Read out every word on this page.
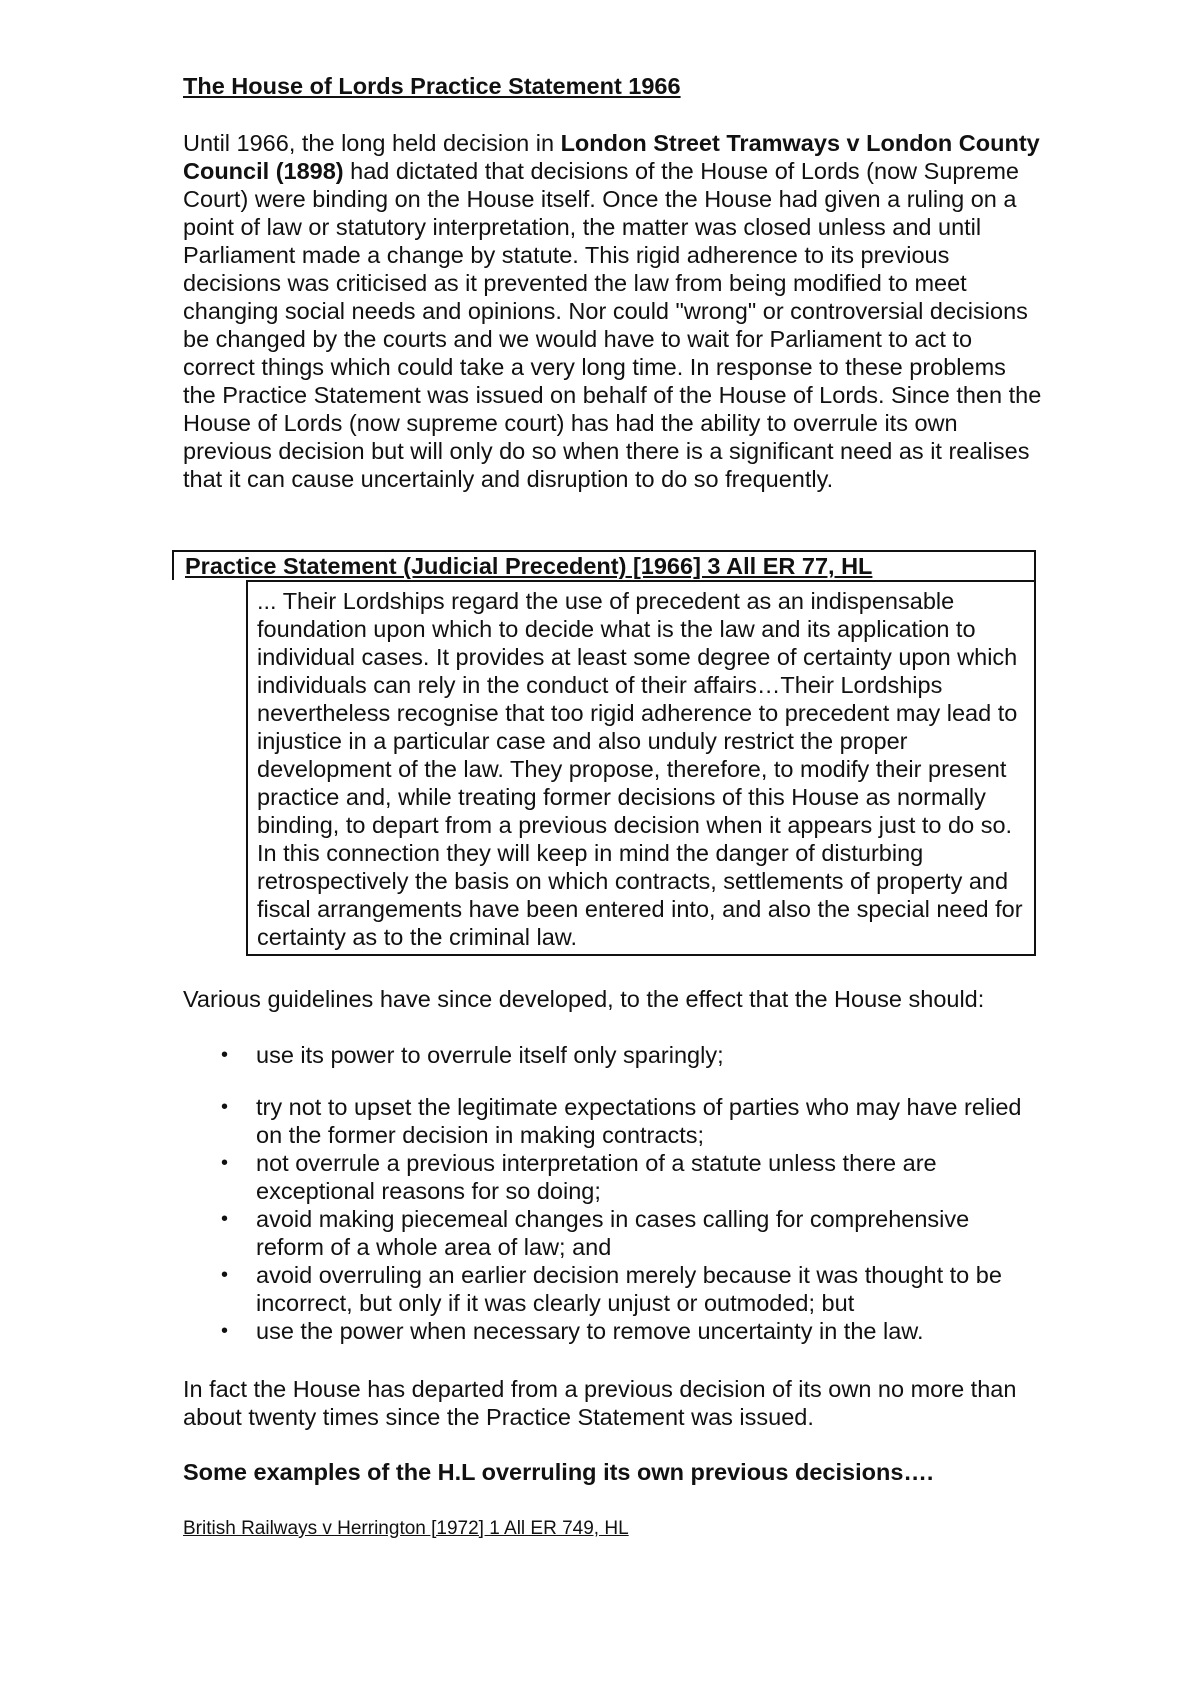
The House of Lords Practice Statement 1966
Until 1966, the long held decision in London Street Tramways v London County Council (1898) had dictated that decisions of the House of Lords (now Supreme Court) were binding on the House itself. Once the House had given a ruling on a point of law or statutory interpretation, the matter was closed unless and until Parliament made a change by statute. This rigid adherence to its previous decisions was criticised as it prevented the law from being modified to meet changing social needs and opinions. Nor could "wrong" or controversial decisions be changed by the courts and we would have to wait for Parliament to act to correct things which could take a very long time. In response to these problems the Practice Statement was issued on behalf of the House of Lords. Since then the House of Lords (now supreme court) has had the ability to overrule its own previous decision but will only do so when there is a significant need as it realises that it can cause uncertainly and disruption to do so frequently.
Practice Statement (Judicial Precedent) [1966] 3 All ER 77, HL
... Their Lordships regard the use of precedent as an indispensable foundation upon which to decide what is the law and its application to individual cases. It provides at least some degree of certainty upon which individuals can rely in the conduct of their affairs…Their Lordships nevertheless recognise that too rigid adherence to precedent may lead to injustice in a particular case and also unduly restrict the proper development of the law. They propose, therefore, to modify their present practice and, while treating former decisions of this House as normally binding, to depart from a previous decision when it appears just to do so. In this connection they will keep in mind the danger of disturbing retrospectively the basis on which contracts, settlements of property and fiscal arrangements have been entered into, and also the special need for certainty as to the criminal law.
Various guidelines have since developed, to the effect that the House should:
• use its power to overrule itself only sparingly;
• try not to upset the legitimate expectations of parties who may have relied on the former decision in making contracts;
• not overrule a previous interpretation of a statute unless there are exceptional reasons for so doing;
• avoid making piecemeal changes in cases calling for comprehensive reform of a whole area of law; and
• avoid overruling an earlier decision merely because it was thought to be incorrect, but only if it was clearly unjust or outmoded; but
• use the power when necessary to remove uncertainty in the law.
In fact the House has departed from a previous decision of its own no more than about twenty times since the Practice Statement was issued.
Some examples of the H.L overruling its own previous decisions….
British Railways v Herrington [1972] 1 All ER 749, HL
